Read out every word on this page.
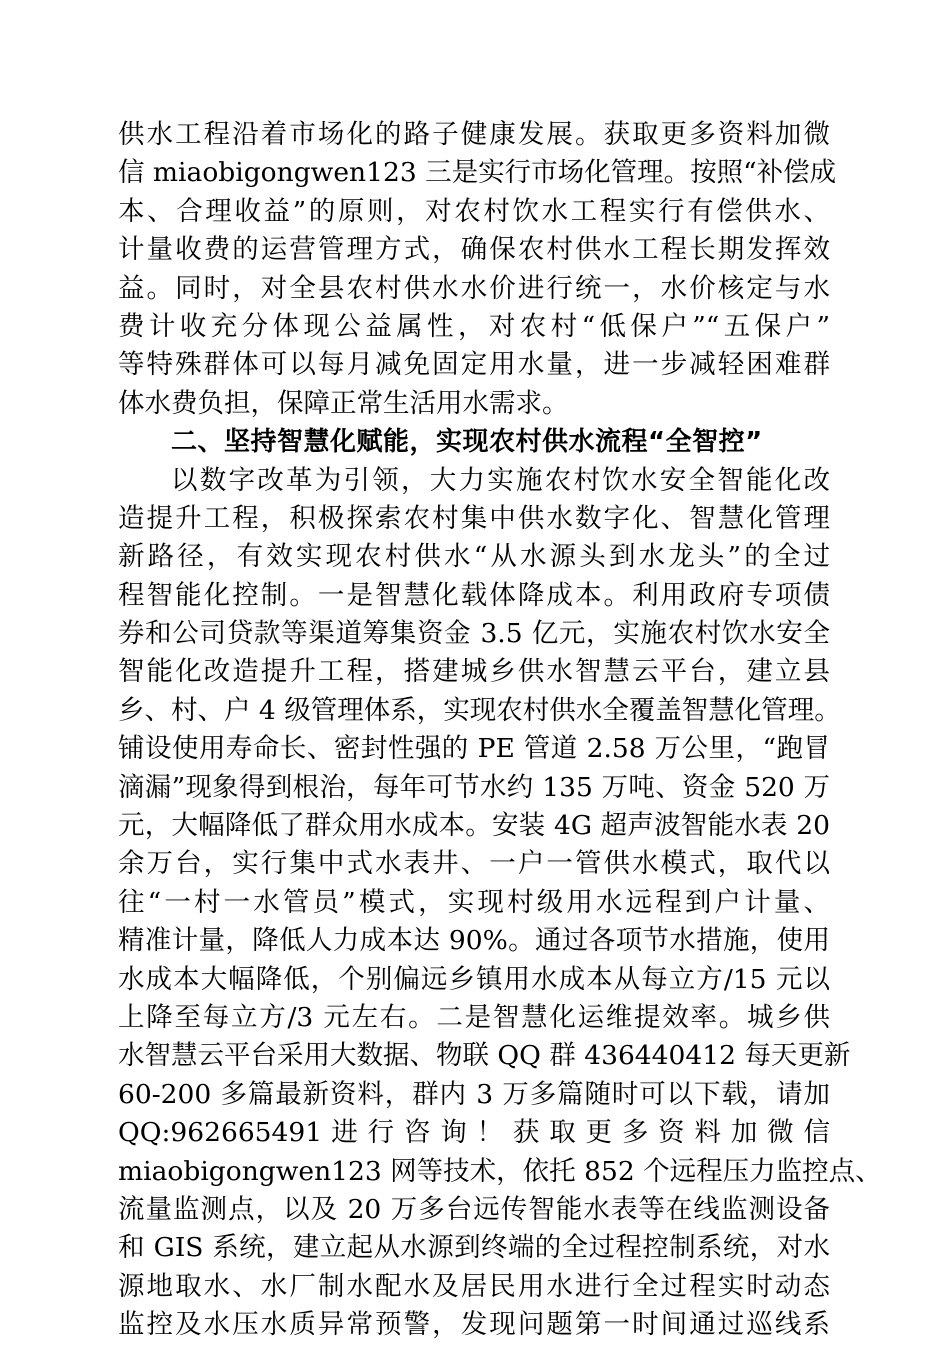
供水工程沿着市场化的路子健康发展。获取更多资料加微
信 miaobigongwen123 三是实行市场化管理。按照“补偿成
本、合理收益”的原则，对农村饮水工程实行有偿供水、
计量收费的运营管理方式，确保农村供水工程长期发挥效
益。同时，对全县农村供水水价进行统一，水价核定与水
费计收充分体现公益属性，对农村“低保户”“五保户”
等特殊群体可以每月减免固定用水量，进一步减轻困难群
体水费负担，保障正常生活用水需求。
二、坚持智慧化赋能，实现农村供水流程“全智控”
以数字改革为引领，大力实施农村饮水安全智能化改
造提升工程，积极探索农村集中供水数字化、智慧化管理
新路径，有效实现农村供水“从水源头到水龙头”的全过
程智能化控制。一是智慧化载体降成本。利用政府专项债
券和公司贷款等渠道筹集资金 3.5 亿元，实施农村饮水安全
智能化改造提升工程，搭建城乡供水智慧云平台，建立县
乡、村、户 4 级管理体系，实现农村供水全覆盖智慧化管理。
铺设使用寿命长、密封性强的 PE 管道 2.58 万公里，“跑冒
滴漏”现象得到根治，每年可节水约 135 万吨、资金 520 万
元，大幅降低了群众用水成本。安装 4G 超声波智能水表 20
余万台，实行集中式水表井、一户一管供水模式，取代以
往“一村一水管员”模式，实现村级用水远程到户计量、
精准计量，降低人力成本达 90%。通过各项节水措施，使用
水成本大幅降低，个别偏远乡镇用水成本从每立方/15 元以
上降至每立方/3 元左右。二是智慧化运维提效率。城乡供
水智慧云平台采用大数据、物联 QQ 群 436440412 每天更新
60-200 多篇最新资料，群内 3 万多篇随时可以下载，请加
QQ:962665491 进 行 咨 询 ！ 获 取 更 多 资 料 加 微 信
miaobigongwen123 网等技术，依托 852 个远程压力监控点、
流量监测点，以及 20 万多台远传智能水表等在线监测设备
和 GIS 系统，建立起从水源到终端的全过程控制系统，对水
源地取水、水厂制水配水及居民用水进行全过程实时动态
监控及水压水质异常预警，发现问题第一时间通过巡线系
